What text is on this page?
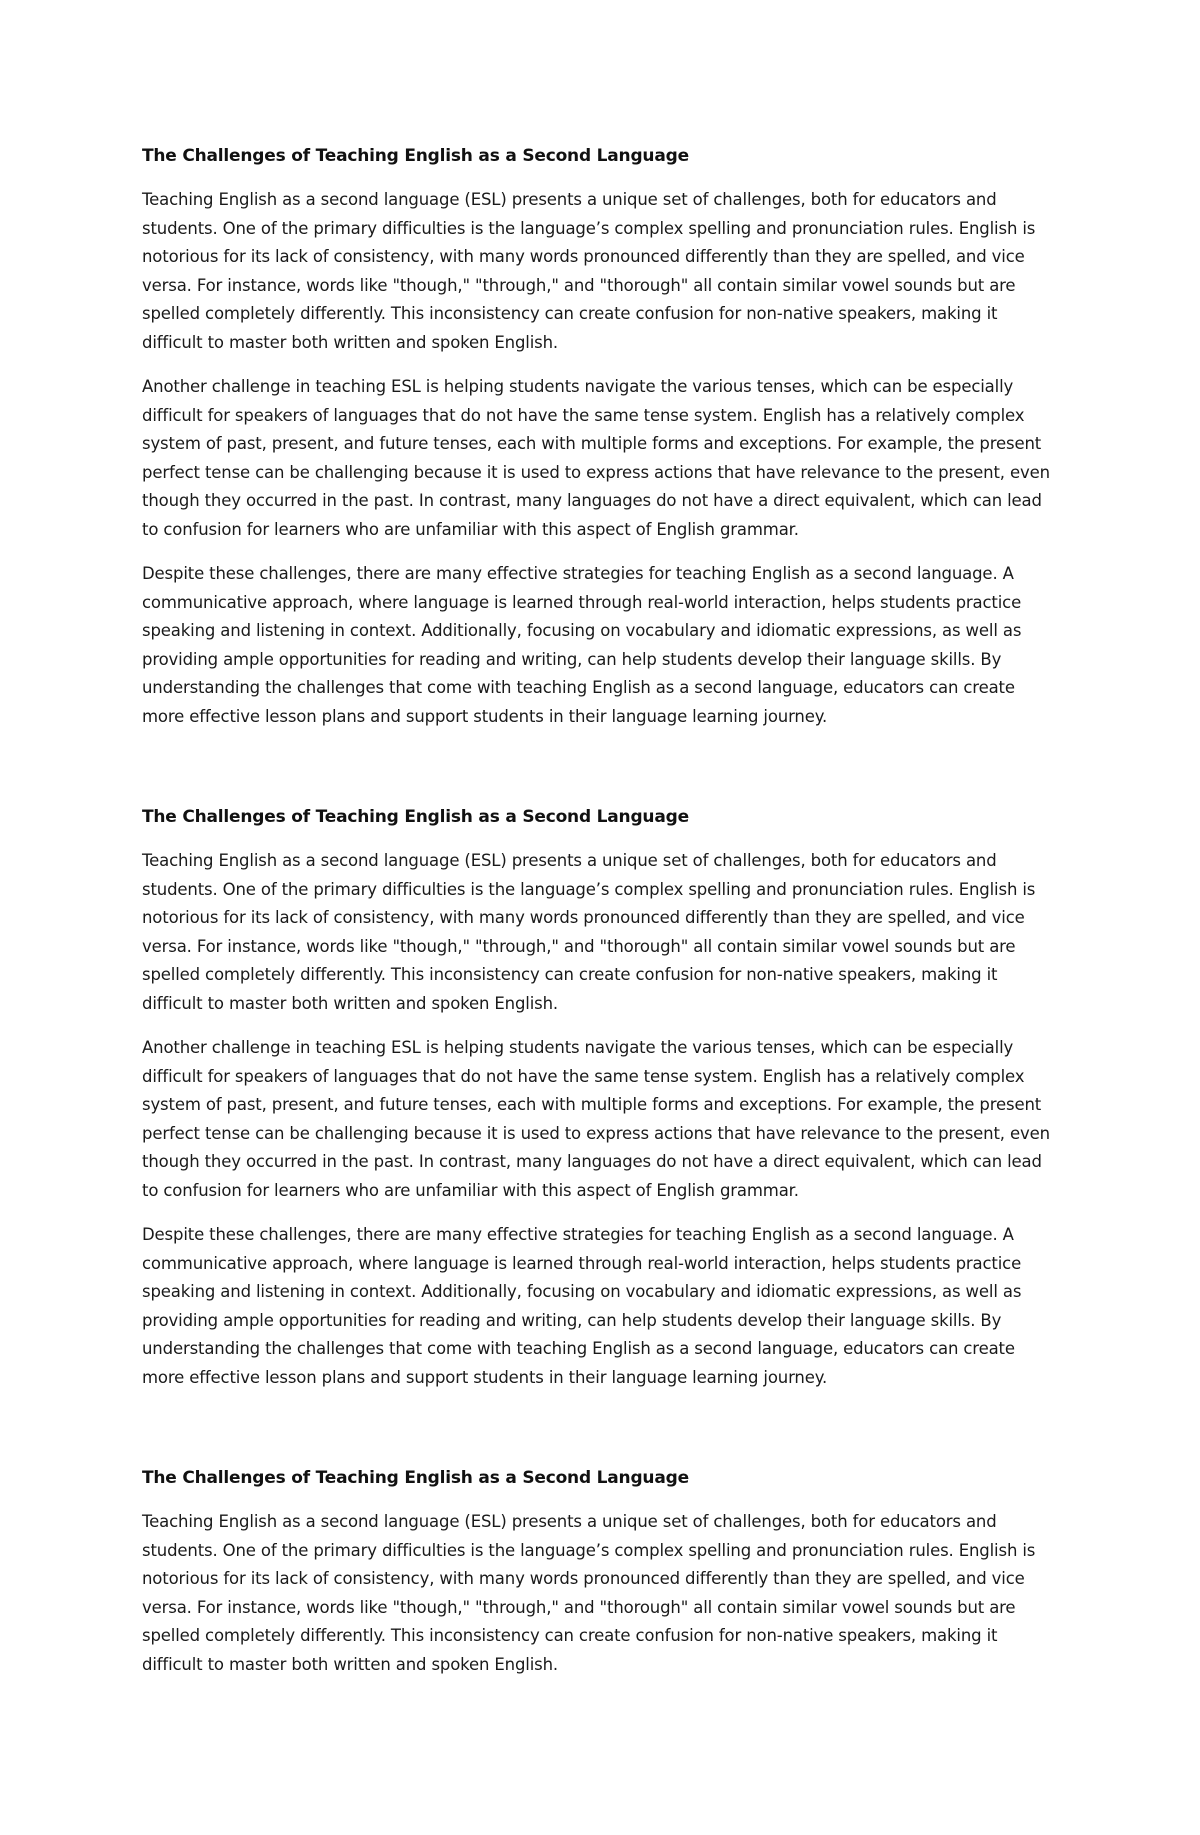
The Challenges of Teaching English as a Second Language

Teaching English as a second language (ESL) presents a unique set of challenges, both for educators and students. One of the primary difficulties is the language’s complex spelling and pronunciation rules. English is notorious for its lack of consistency, with many words pronounced differently than they are spelled, and vice versa. For instance, words like "though," "through," and "thorough" all contain similar vowel sounds but are spelled completely differently. This inconsistency can create confusion for non-native speakers, making it difficult to master both written and spoken English.

Another challenge in teaching ESL is helping students navigate the various tenses, which can be especially difficult for speakers of languages that do not have the same tense system. English has a relatively complex system of past, present, and future tenses, each with multiple forms and exceptions. For example, the present perfect tense can be challenging because it is used to express actions that have relevance to the present, even though they occurred in the past. In contrast, many languages do not have a direct equivalent, which can lead to confusion for learners who are unfamiliar with this aspect of English grammar.

Despite these challenges, there are many effective strategies for teaching English as a second language. A communicative approach, where language is learned through real-world interaction, helps students practice speaking and listening in context. Additionally, focusing on vocabulary and idiomatic expressions, as well as providing ample opportunities for reading and writing, can help students develop their language skills. By understanding the challenges that come with teaching English as a second language, educators can create more effective lesson plans and support students in their language learning journey.

The Challenges of Teaching English as a Second Language

Teaching English as a second language (ESL) presents a unique set of challenges, both for educators and students. One of the primary difficulties is the language’s complex spelling and pronunciation rules. English is notorious for its lack of consistency, with many words pronounced differently than they are spelled, and vice versa. For instance, words like "though," "through," and "thorough" all contain similar vowel sounds but are spelled completely differently. This inconsistency can create confusion for non-native speakers, making it difficult to master both written and spoken English.

Another challenge in teaching ESL is helping students navigate the various tenses, which can be especially difficult for speakers of languages that do not have the same tense system. English has a relatively complex system of past, present, and future tenses, each with multiple forms and exceptions. For example, the present perfect tense can be challenging because it is used to express actions that have relevance to the present, even though they occurred in the past. In contrast, many languages do not have a direct equivalent, which can lead to confusion for learners who are unfamiliar with this aspect of English grammar.

Despite these challenges, there are many effective strategies for teaching English as a second language. A communicative approach, where language is learned through real-world interaction, helps students practice speaking and listening in context. Additionally, focusing on vocabulary and idiomatic expressions, as well as providing ample opportunities for reading and writing, can help students develop their language skills. By understanding the challenges that come with teaching English as a second language, educators can create more effective lesson plans and support students in their language learning journey.

The Challenges of Teaching English as a Second Language

Teaching English as a second language (ESL) presents a unique set of challenges, both for educators and students. One of the primary difficulties is the language’s complex spelling and pronunciation rules. English is notorious for its lack of consistency, with many words pronounced differently than they are spelled, and vice versa. For instance, words like "though," "through," and "thorough" all contain similar vowel sounds but are spelled completely differently. This inconsistency can create confusion for non-native speakers, making it difficult to master both written and spoken English.
